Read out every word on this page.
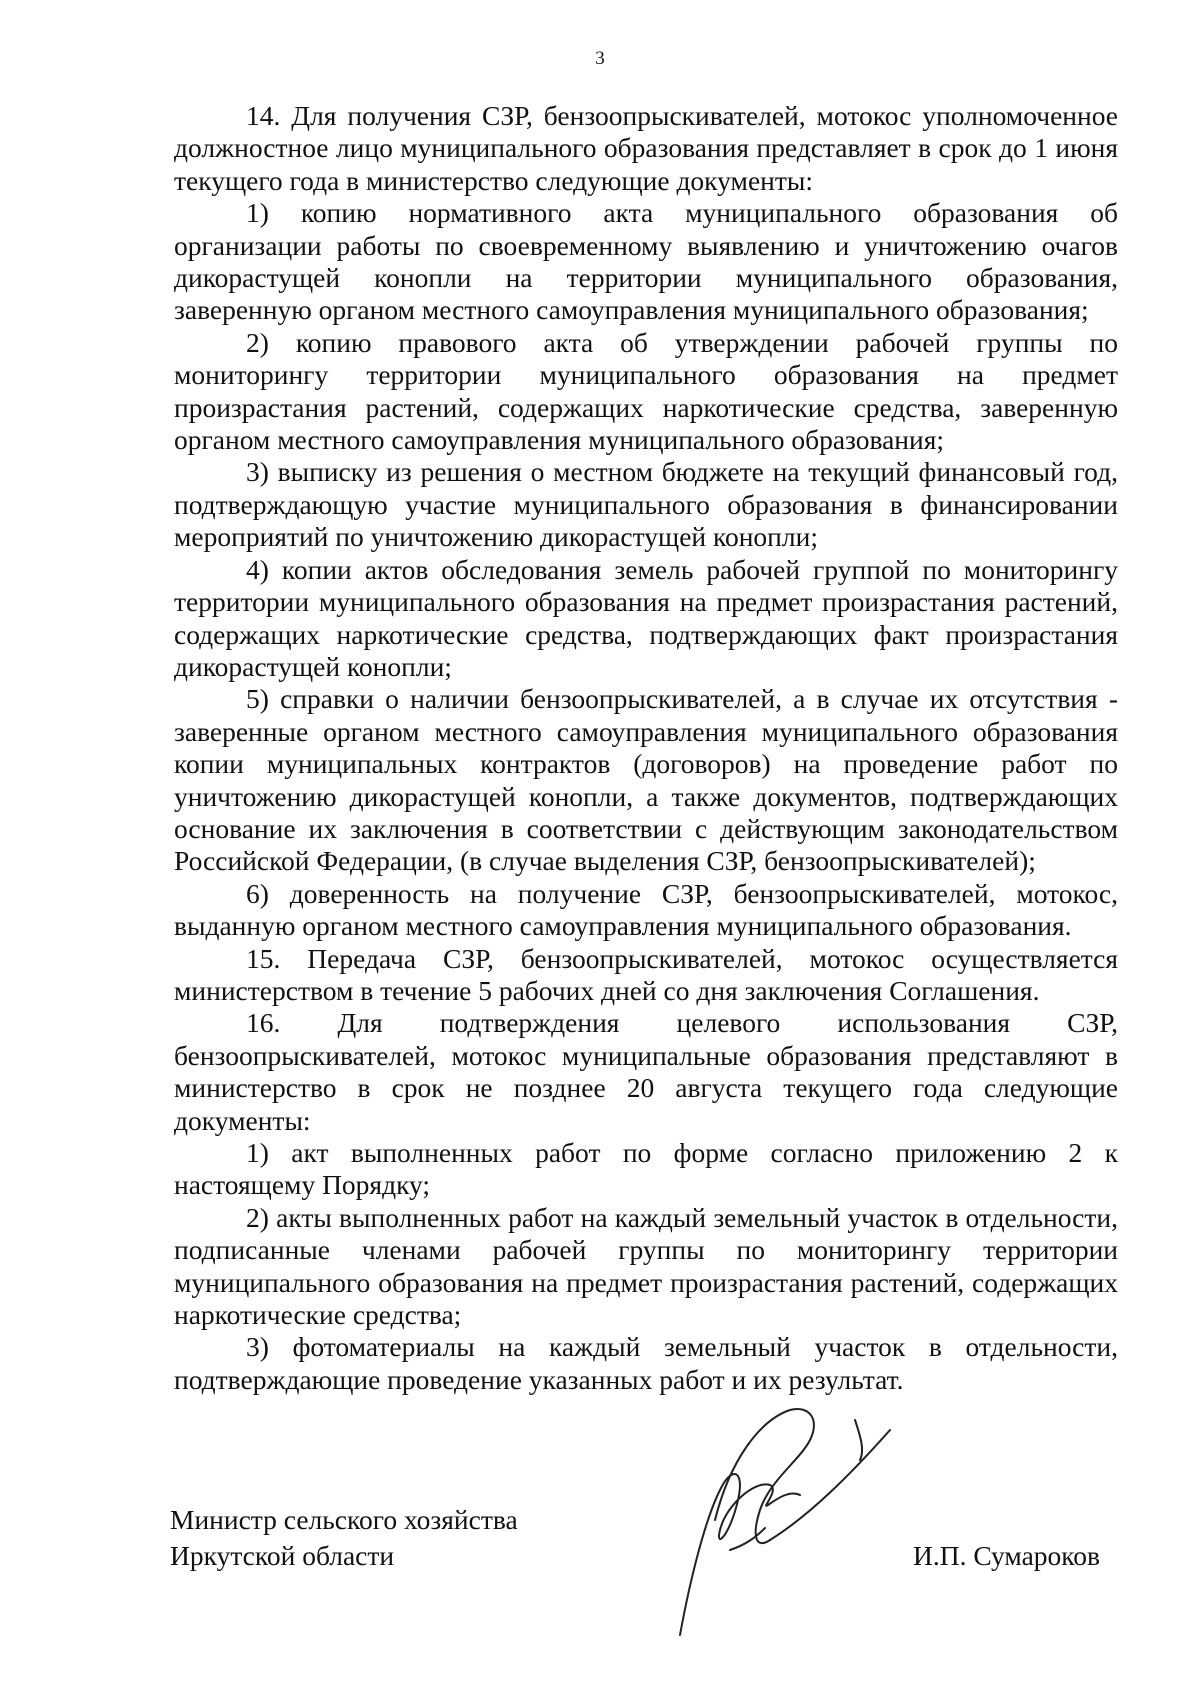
3

14. Для получения СЗР, бензоопрыскивателей, мотокос уполномоченное должностное лицо муниципального образования представляет в срок до 1 июня текущего года в министерство следующие документы:

1) копию нормативного акта муниципального образования об организации работы по своевременному выявлению и уничтожению очагов дикорастущей конопли на территории муниципального образования, заверенную органом местного самоуправления муниципального образования;

2) копию правового акта об утверждении рабочей группы по мониторингу территории муниципального образования на предмет произрастания растений, содержащих наркотические средства, заверенную органом местного самоуправления муниципального образования;

3) выписку из решения о местном бюджете на текущий финансовый год, подтверждающую участие муниципального образования в финансировании мероприятий по уничтожению дикорастущей конопли;

4) копии актов обследования земель рабочей группой по мониторингу территории муниципального образования на предмет произрастания растений, содержащих наркотические средства, подтверждающих факт произрастания дикорастущей конопли;

5) справки о наличии бензоопрыскивателей, а в случае их отсутствия - заверенные органом местного самоуправления муниципального образования копии муниципальных контрактов (договоров) на проведение работ по уничтожению дикорастущей конопли, а также документов, подтверждающих основание их заключения в соответствии с действующим законодательством Российской Федерации, (в случае выделения СЗР, бензоопрыскивателей);

6) доверенность на получение СЗР, бензоопрыскивателей, мотокос, выданную органом местного самоуправления муниципального образования.

15. Передача СЗР, бензоопрыскивателей, мотокос осуществляется министерством в течение 5 рабочих дней со дня заключения Соглашения.

16. Для подтверждения целевого использования СЗР, бензоопрыскивателей, мотокос муниципальные образования представляют в министерство в срок не позднее 20 августа текущего года следующие документы:

1) акт выполненных работ по форме согласно приложению 2 к настоящему Порядку;

2) акты выполненных работ на каждый земельный участок в отдельности, подписанные членами рабочей группы по мониторингу территории муниципального образования на предмет произрастания растений, содержащих наркотические средства;

3) фотоматериалы на каждый земельный участок в отдельности, подтверждающие проведение указанных работ и их результат.

Министр сельского хозяйства
Иркутской области	И.П. Сумароков
